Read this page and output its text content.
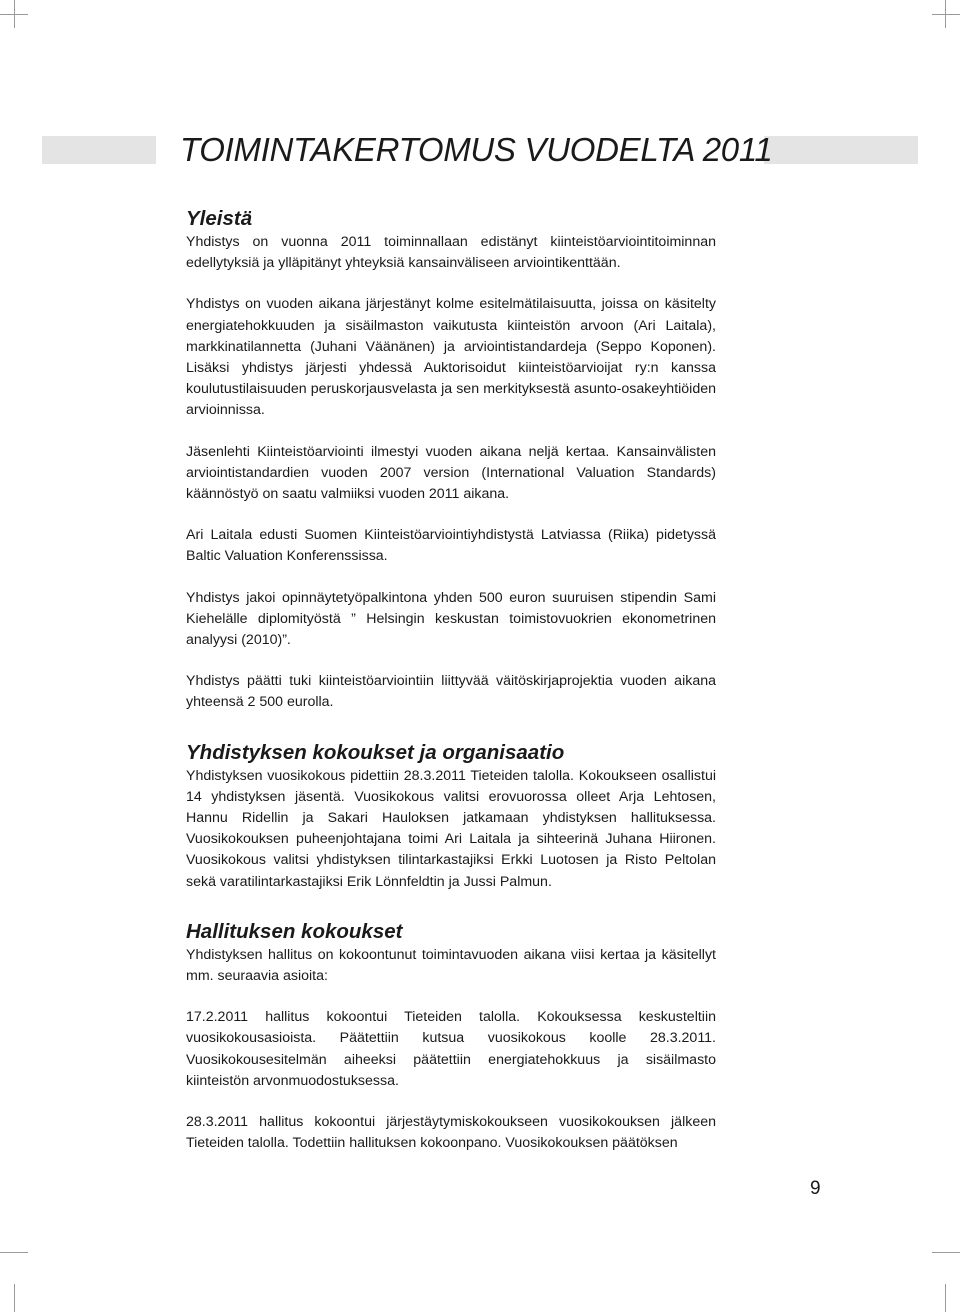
TOIMINTAKERTOMUS VUODELTA 2011
Yleistä

Yhdistys on vuonna 2011 toiminnallaan edistänyt kiinteistöarviointitoiminnan edellytyksiä ja ylläpitänyt yhteyksiä kansainväliseen arviointikenttään.

Yhdistys on vuoden aikana järjestänyt kolme esitelmätilaisuutta, joissa on käsitelty energiatehokkuuden ja sisäilmaston vaikutusta kiinteistön arvoon (Ari Laitala), markkinatilannetta (Juhani Väänänen) ja arviointistandardeja (Seppo Koponen). Lisäksi yhdistys järjesti yhdessä Auktorisoidut kiinteistöarvioijat ry:n kanssa koulutustilaisuuden peruskorjausvelasta ja sen merkityksestä asunto-osakeyhtiöiden arvioinnissa.

Jäsenlehti Kiinteistöarviointi ilmestyi vuoden aikana neljä kertaa. Kansainvälisten arviointistandardien vuoden 2007 version (International Valuation Standards) käännöstyö on saatu valmiiksi vuoden 2011 aikana.

Ari Laitala edusti Suomen Kiinteistöarviointiyhdistystä Latviassa (Riika) pidetyssä Baltic Valuation Konferenssissa.

Yhdistys jakoi opinnäytetyöpalkintona yhden 500 euron suuruisen stipendin Sami Kiehelälle diplomityöstä ” Helsingin keskustan toimistovuokrien ekonometrinen analyysi (2010)”.

Yhdistys päätti tuki kiinteistöarviointiin liittyvää väitöskirjaprojektia vuoden aikana yhteensä 2 500 eurolla.

Yhdistyksen kokoukset ja organisaatio

Yhdistyksen vuosikokous pidettiin 28.3.2011 Tieteiden talolla. Kokoukseen osallistui 14 yhdistyksen jäsentä. Vuosikokous valitsi erovuorossa olleet Arja Lehtosen, Hannu Ridellin ja Sakari Hauloksen jatkamaan yhdistyksen hallituksessa. Vuosikokouksen puheenjohtajana toimi Ari Laitala ja sihteerinä Juhana Hiironen. Vuosikokous valitsi yhdistyksen tilintarkastajiksi Erkki Luotosen ja Risto Peltolan sekä varatilintarkastajiksi Erik Lönnfeldtin ja Jussi Palmun.

Hallituksen kokoukset

Yhdistyksen hallitus on kokoontunut toimintavuoden aikana viisi kertaa ja käsitellyt mm. seuraavia asioita:

17.2.2011 hallitus kokoontui Tieteiden talolla. Kokouksessa keskusteltiin vuosikokousasioista. Päätettiin kutsua vuosikokous koolle 28.3.2011. Vuosikokousesitelmän aiheeksi päätettiin energiatehokkuus ja sisäilmasto kiinteistön arvonmuodostuksessa.

28.3.2011 hallitus kokoontui järjestäytymiskokoukseen vuosikokouksen jälkeen Tieteiden talolla. Todettiin hallituksen kokoonpano. Vuosikokouksen päätöksen

9
